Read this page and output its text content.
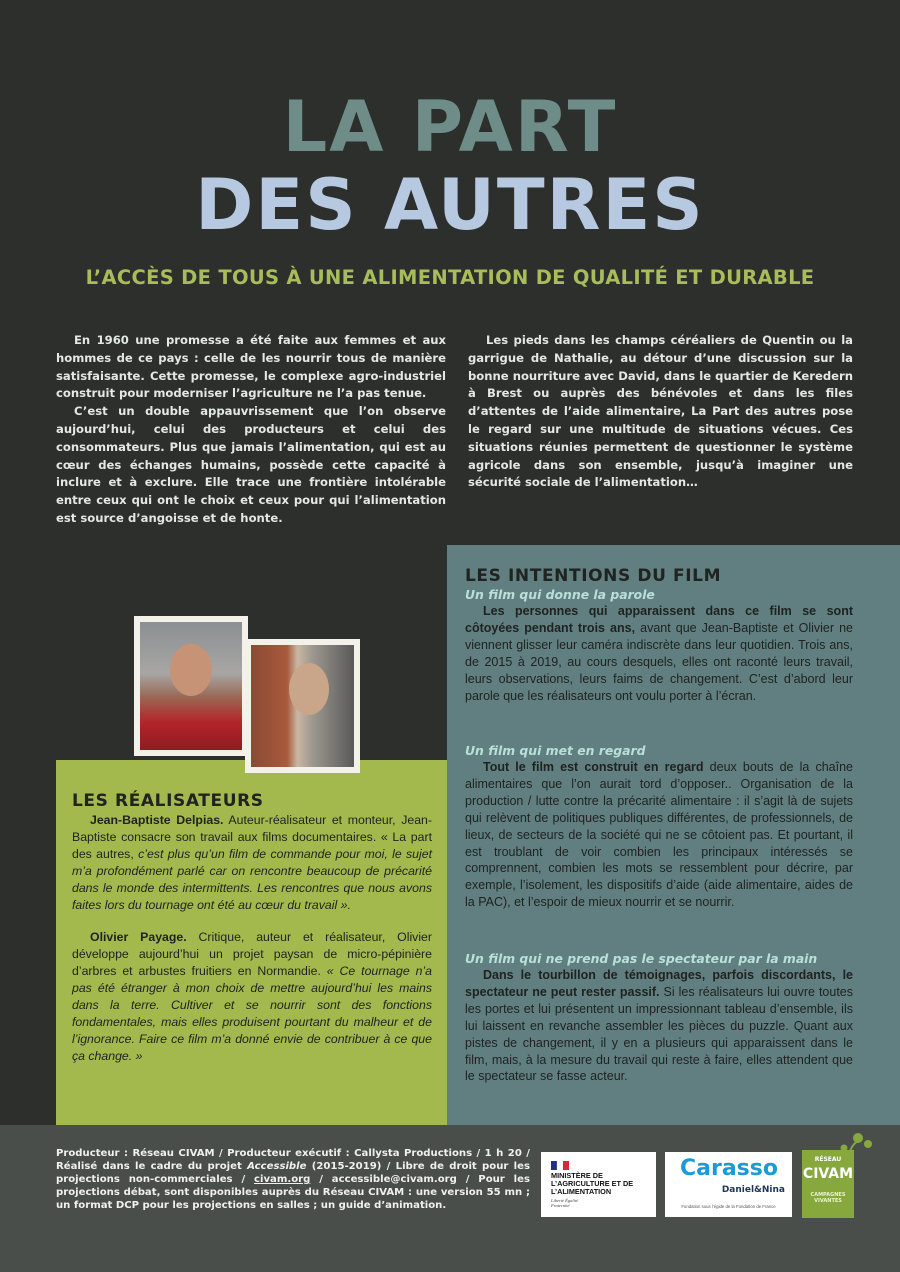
LA PART
DES AUTRES
L’ACCÈS DE TOUS À UNE ALIMENTATION DE QUALITÉ ET DURABLE

En 1960 une promesse a été faite aux femmes et aux hommes de ce pays : celle de les nourrir tous de manière satisfaisante. Cette promesse, le complexe agro-industriel construit pour moderniser l’agriculture ne l’a pas tenue.

C’est un double appauvrissement que l’on observe aujourd’hui, celui des producteurs et celui des consommateurs. Plus que jamais l’alimentation, qui est au cœur des échanges humains, possède cette capacité à inclure et à exclure. Elle trace une frontière intolérable entre ceux qui ont le choix et ceux pour qui l’alimentation est source d’angoisse et de honte.

Les pieds dans les champs céréaliers de Quentin ou la garrigue de Nathalie, au détour d’une discussion sur la bonne nourriture avec David, dans le quartier de Keredern à Brest ou auprès des bénévoles et dans les files d’attentes de l’aide alimentaire, La Part des autres pose le regard sur une multitude de situations vécues. Ces situations réunies permettent de questionner le système agricole dans son ensemble, jusqu’à imaginer une sécurité sociale de l’alimentation…

LES INTENTIONS DU FILM
Un film qui donne la parole

Les personnes qui apparaissent dans ce film se sont côtoyées pendant trois ans, avant que Jean-Baptiste et Olivier ne viennent glisser leur caméra indiscrète dans leur quotidien. Trois ans, de 2015 à 2019, au cours desquels, elles ont raconté leurs travail, leurs observations, leurs faims de changement. C’est d’abord leur parole que les réalisateurs ont voulu porter à l’écran.

Un film qui met en regard

Tout le film est construit en regard deux bouts de la chaîne alimentaires que l’on aurait tord d’opposer.. Organisation de la production / lutte contre la précarité alimentaire : il s’agit là de sujets qui relèvent de politiques publiques différentes, de professionnels, de lieux, de secteurs de la société qui ne se côtoient pas. Et pourtant, il est troublant de voir combien les principaux intéressés se comprennent, combien les mots se ressemblent pour décrire, par exemple, l’isolement, les dispositifs d’aide (aide alimentaire, aides de la PAC), et l’espoir de mieux nourrir et se nourrir.

Un film qui ne prend pas le spectateur par la main

Dans le tourbillon de témoignages, parfois discordants, le spectateur ne peut rester passif. Si les réalisateurs lui ouvre toutes les portes et lui présentent un impressionnant tableau d’ensemble, ils lui laissent en revanche assembler les pièces du puzzle. Quant aux pistes de changement, il y en a plusieurs qui apparaissent dans le film, mais, à la mesure du travail qui reste à faire, elles attendent que le spectateur se fasse acteur.

LES RÉALISATEURS

Jean-Baptiste Delpias. Auteur-réalisateur et monteur, Jean-Baptiste consacre son travail aux films documentaires. « La part des autres, c’est plus qu’un film de commande pour moi, le sujet m’a profondément parlé car on rencontre beaucoup de précarité dans le monde des intermittents. Les rencontres que nous avons faites lors du tournage ont été au cœur du travail ».

Olivier Payage. Critique, auteur et réalisateur, Olivier développe aujourd’hui un projet paysan de micro-pépinière d’arbres et arbustes fruitiers en Normandie. « Ce tournage n’a pas été étranger à mon choix de mettre aujourd’hui les mains dans la terre. Cultiver et se nourrir sont des fonctions fondamentales, mais elles produisent pourtant du malheur et de l’ignorance. Faire ce film m’a donné envie de contribuer à ce que ça change. »

Producteur : Réseau CIVAM / Producteur exécutif : Callysta Productions / 1 h 20 / Réalisé dans le cadre du projet Accessible (2015-2019) / Libre de droit pour les projections non-commerciales / civam.org / accessible@civam.org / Pour les projections débat, sont disponibles auprès du Réseau CIVAM : une version 55 mn ; un format DCP pour les projections en salles ; un guide d’animation.
MINISTÈRE DE L’AGRICULTURE ET DE L’ALIMENTATION
Liberté Égalité Fraternité
Carasso
Daniel&Nina
Fondation sous l’égide de la Fondation de France
RÉSEAU
CIVAM
CAMPAGNES VIVANTES
